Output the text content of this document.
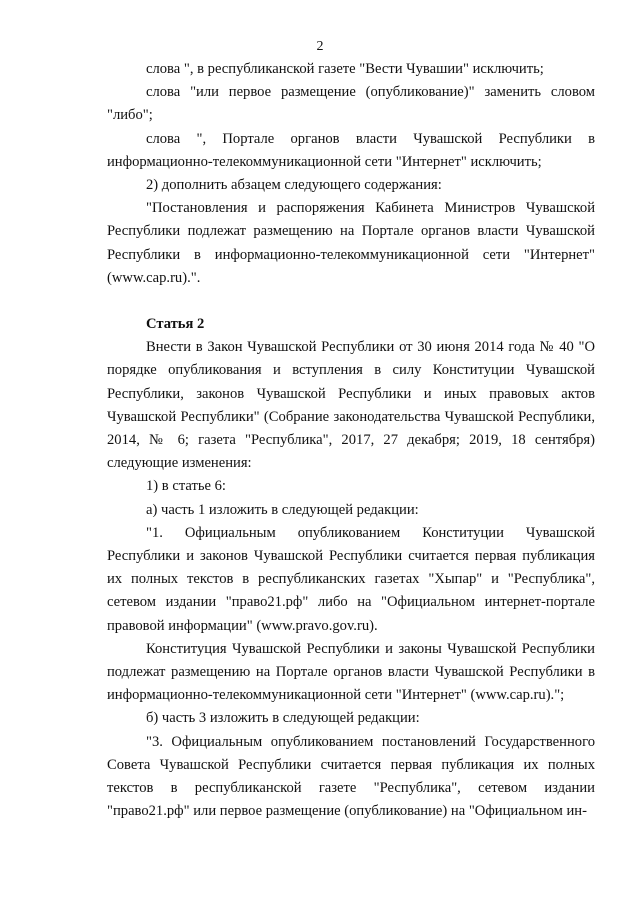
2

слова ", в республиканской газете "Вести Чувашии" исключить;

слова "или первое размещение (опубликование)" заменить словом "либо";

слова ", Порталe органов власти Чувашской Республики в информационно-телекоммуникационной сети "Интернет" исключить;

2) дополнить абзацем следующего содержания:

"Постановления и распоряжения Кабинета Министров Чувашской Республики подлежат размещению на Портале органов власти Чувашской Республики в информационно-телекоммуникационной сети "Интернет" (www.cap.ru).".

Статья 2

Внести в Закон Чувашской Республики от 30 июня 2014 года № 40 "О порядке опубликования и вступления в силу Конституции Чувашской Республики, законов Чувашской Республики и иных правовых актов Чувашской Республики" (Собрание законодательства Чувашской Республики, 2014, № 6; газета "Республика", 2017, 27 декабря; 2019, 18 сентября) следующие изменения:

1) в статье 6:

а) часть 1 изложить в следующей редакции:

"1. Официальным опубликованием Конституции Чувашской Республики и законов Чувашской Республики считается первая публикация их полных текстов в республиканских газетах "Хыпар" и "Республика", сетевом издании "право21.рф" либо на "Официальном интернет-портале правовой информации" (www.pravo.gov.ru).

Конституция Чувашской Республики и законы Чувашской Республики подлежат размещению на Портале органов власти Чувашской Республики в информационно-телекоммуникационной сети "Интернет" (www.cap.ru).";

б) часть 3 изложить в следующей редакции:

"3. Официальным опубликованием постановлений Государственного Совета Чувашской Республики считается первая публикация их полных текстов в республиканской газете "Республика", сетевом издании "право21.рф" или первое размещение (опубликование) на "Официальном ин-
